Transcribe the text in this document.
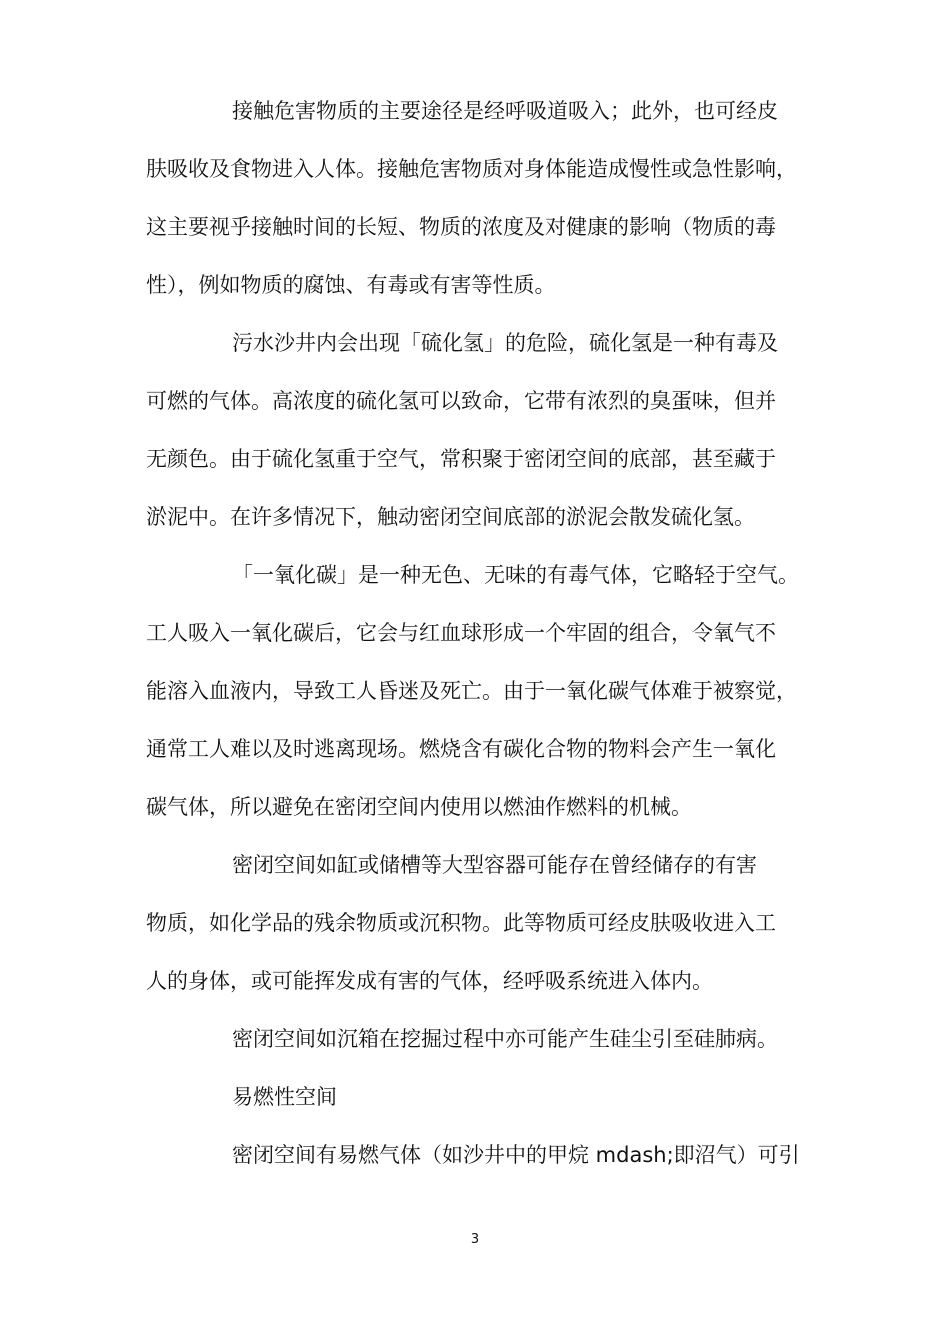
接触危害物质的主要途径是经呼吸道吸入；此外，也可经皮
肤吸收及食物进入人体。接触危害物质对身体能造成慢性或急性影响，
这主要视乎接触时间的长短、物质的浓度及对健康的影响（物质的毒
性），例如物质的腐蚀、有毒或有害等性质。
污水沙井内会出现「硫化氢」的危险，硫化氢是一种有毒及
可燃的气体。高浓度的硫化氢可以致命，它带有浓烈的臭蛋味，但并
无颜色。由于硫化氢重于空气，常积聚于密闭空间的底部，甚至藏于
淤泥中。在许多情况下，触动密闭空间底部的淤泥会散发硫化氢。
「一氧化碳」是一种无色、无味的有毒气体，它略轻于空气。
工人吸入一氧化碳后，它会与红血球形成一个牢固的组合，令氧气不
能溶入血液内，导致工人昏迷及死亡。由于一氧化碳气体难于被察觉，
通常工人难以及时逃离现场。燃烧含有碳化合物的物料会产生一氧化
碳气体，所以避免在密闭空间内使用以燃油作燃料的机械。
密闭空间如缸或储槽等大型容器可能存在曾经储存的有害
物质，如化学品的残余物质或沉积物。此等物质可经皮肤吸收进入工
人的身体，或可能挥发成有害的气体，经呼吸系统进入体内。
密闭空间如沉箱在挖掘过程中亦可能产生硅尘引至硅肺病。
易燃性空间
密闭空间有易燃气体（如沙井中的甲烷 mdash;即沼气）可引
3
